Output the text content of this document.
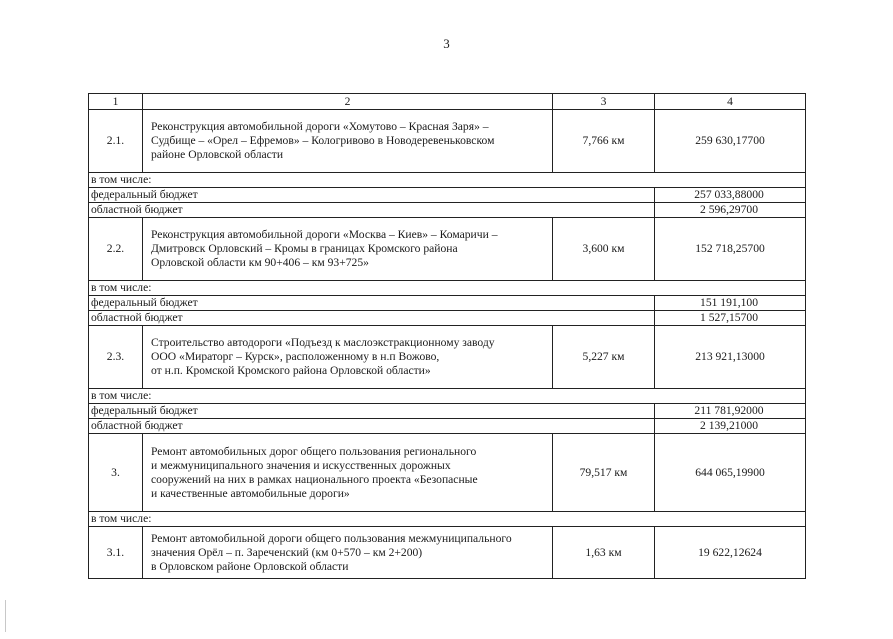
3
1	2	3	4
2.1.	Реконструкция автомобильной дороги «Хомутово – Красная Заря» –
Судбище – «Орел – Ефремов» – Кологривово в Новодеревеньковском
районе Орловской области	7,766 км	259 630,17700
в том числе:			
федеральный бюджет			257 033,88000
областной бюджет			2 596,29700
2.2.	Реконструкция автомобильной дороги «Москва – Киев» – Комаричи –
Дмитровск Орловский – Кромы в границах Кромского района
Орловской области км 90+406 – км 93+725»	3,600 км	152 718,25700
в том числе:			
федеральный бюджет			151 191,100
областной бюджет			1 527,15700
2.3.	Строительство автодороги «Подъезд к маслоэкстракционному заводу
ООО «Мираторг – Курск», расположенному в н.п Вожово,
от н.п. Кромской Кромского района Орловской области»	5,227 км	213 921,13000
в том числе:			
федеральный бюджет			211 781,92000
областной бюджет			2 139,21000
3.	Ремонт автомобильных дорог общего пользования регионального
и межмуниципального значения и искусственных дорожных
сооружений на них в рамках национального проекта «Безопасные
и качественные автомобильные дороги»	79,517 км	644 065,19900
в том числе:			
3.1.	Ремонт автомобильной дороги общего пользования межмуниципального
значения Орёл – п. Зареченский (км 0+570 – км 2+200)
в Орловском районе Орловской области	1,63 км	19 622,12624
